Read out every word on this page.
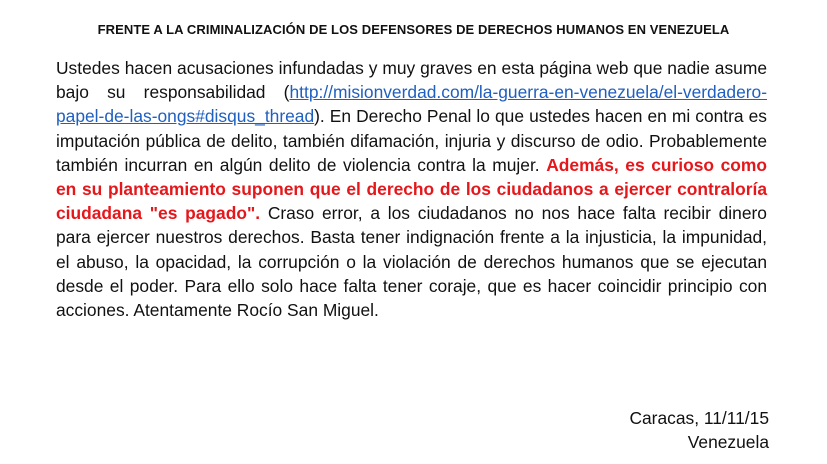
FRENTE A LA CRIMINALIZACIÓN DE LOS DEFENSORES DE DERECHOS HUMANOS EN VENEZUELA
Ustedes hacen acusaciones infundadas y muy graves en esta página web que nadie asume bajo su responsabilidad (http://misionverdad.com/la-guerra-en-venezuela/el-verdadero-papel-de-las-ongs#disqus_thread). En Derecho Penal lo que ustedes hacen en mi contra es imputación pública de delito, también difamación, injuria y discurso de odio. Probablemente también incurran en algún delito de violencia contra la mujer. Además, es curioso como en su planteamiento suponen que el derecho de los ciudadanos a ejercer contraloría ciudadana "es pagado". Craso error, a los ciudadanos no nos hace falta recibir dinero para ejercer nuestros derechos. Basta tener indignación frente a la injusticia, la impunidad, el abuso, la opacidad, la corrupción o la violación de derechos humanos que se ejecutan desde el poder. Para ello solo hace falta tener coraje, que es hacer coincidir principio con acciones. Atentamente Rocío San Miguel.
Caracas, 11/11/15
Venezuela
